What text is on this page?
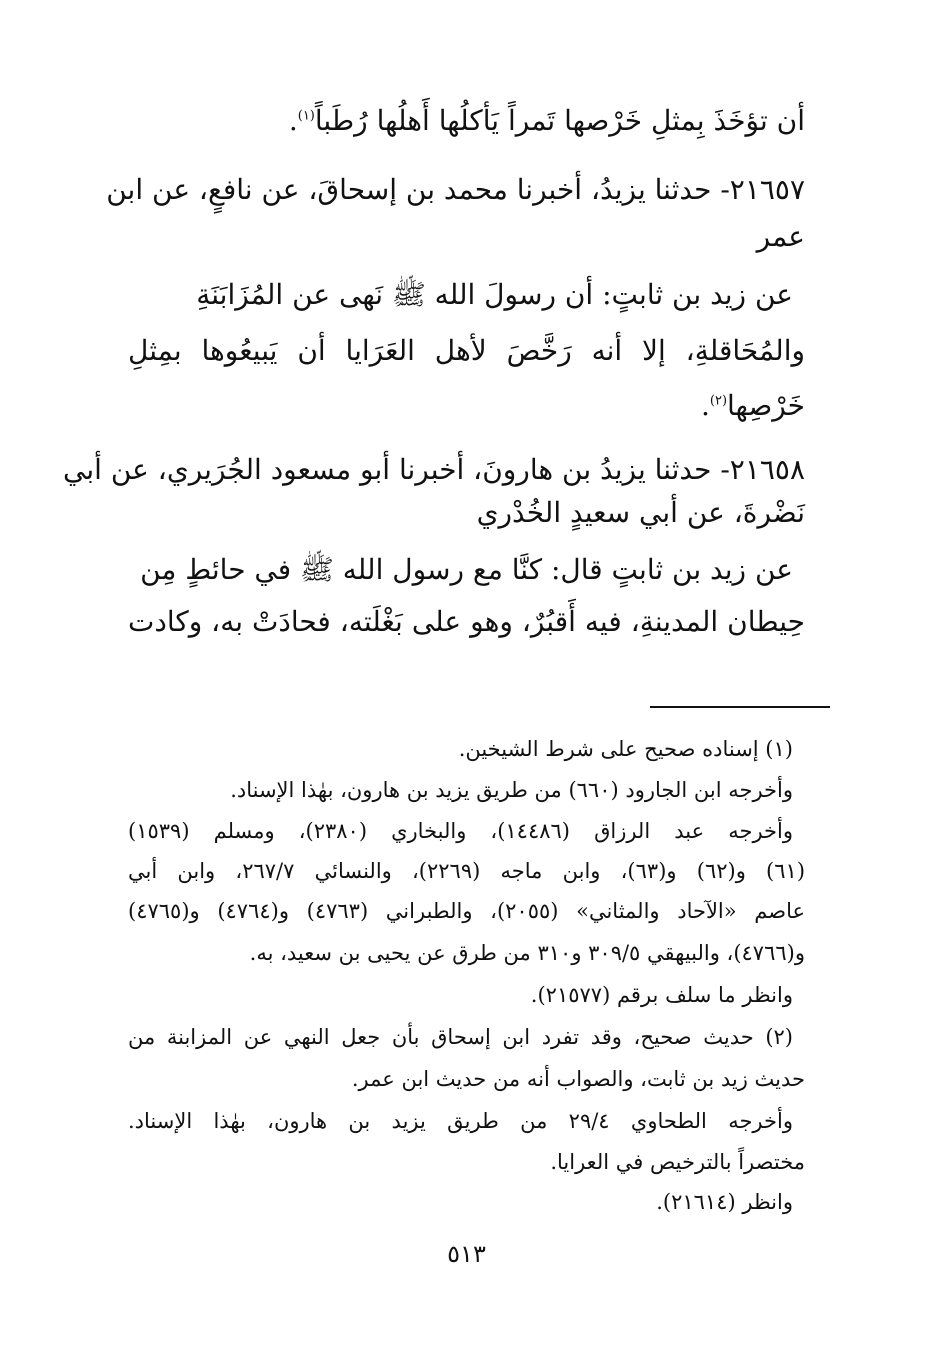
أن تؤخَذَ بِمثلِ خَرْصها تَمراً يَأكلُها أَهلُها رُطَباً$^{(١)}$.
٢١٦٥٧- حدثنا يزيدُ، أخبرنا محمد بن إسحاقَ، عن نافعٍ، عن ابن
عمر
عن زيد بن ثابتٍ: أن رسولَ الله ﷺ نَهى عن المُزَابَنَةِ
والمُحَاقلةِ، إلا أنه رَخَّصَ لأهل العَرَايا أن يَبيعُوها بمِثلِ
خَرْصِها$^{(٢)}$.
٢١٦٥٨- حدثنا يزيدُ بن هارونَ، أخبرنا أبو مسعود الجُرَيري، عن أبي
نَضْرةَ، عن أبي سعيدٍ الخُدْري
عن زيد بن ثابتٍ قال: كنَّا مع رسول الله ﷺ في حائطٍ مِن
حِيطان المدينةِ، فيه أَقبُرٌ، وهو على بَغْلَته، فحادَتْ به، وكادت
(١) إسناده صحيح على شرط الشيخين.
وأخرجه ابن الجارود (٦٦٠) من طريق يزيد بن هارون، بهٰذا الإسناد.
وأخرجه عبد الرزاق (١٤٤٨٦)، والبخاري (٢٣٨٠)، ومسلم (١٥٣٩)
(٦١) و(٦٢) و(٦٣)، وابن ماجه (٢٢٦٩)، والنسائي ٢٦٧/٧، وابن أبي
عاصم «الآحاد والمثاني» (٢٠٥٥)، والطبراني (٤٧٦٣) و(٤٧٦٤) و(٤٧٦٥)
و(٤٧٦٦)، والبيهقي ٣٠٩/٥ و٣١٠ من طرق عن يحيى بن سعيد، به.
وانظر ما سلف برقم (٢١٥٧٧).
(٢) حديث صحيح، وقد تفرد ابن إسحاق بأن جعل النهي عن المزابنة من
حديث زيد بن ثابت، والصواب أنه من حديث ابن عمر.
وأخرجه الطحاوي ٢٩/٤ من طريق يزيد بن هارون، بهٰذا الإسناد.
مختصراً بالترخيص في العرايا.
وانظر (٢١٦١٤).
٥١٣
